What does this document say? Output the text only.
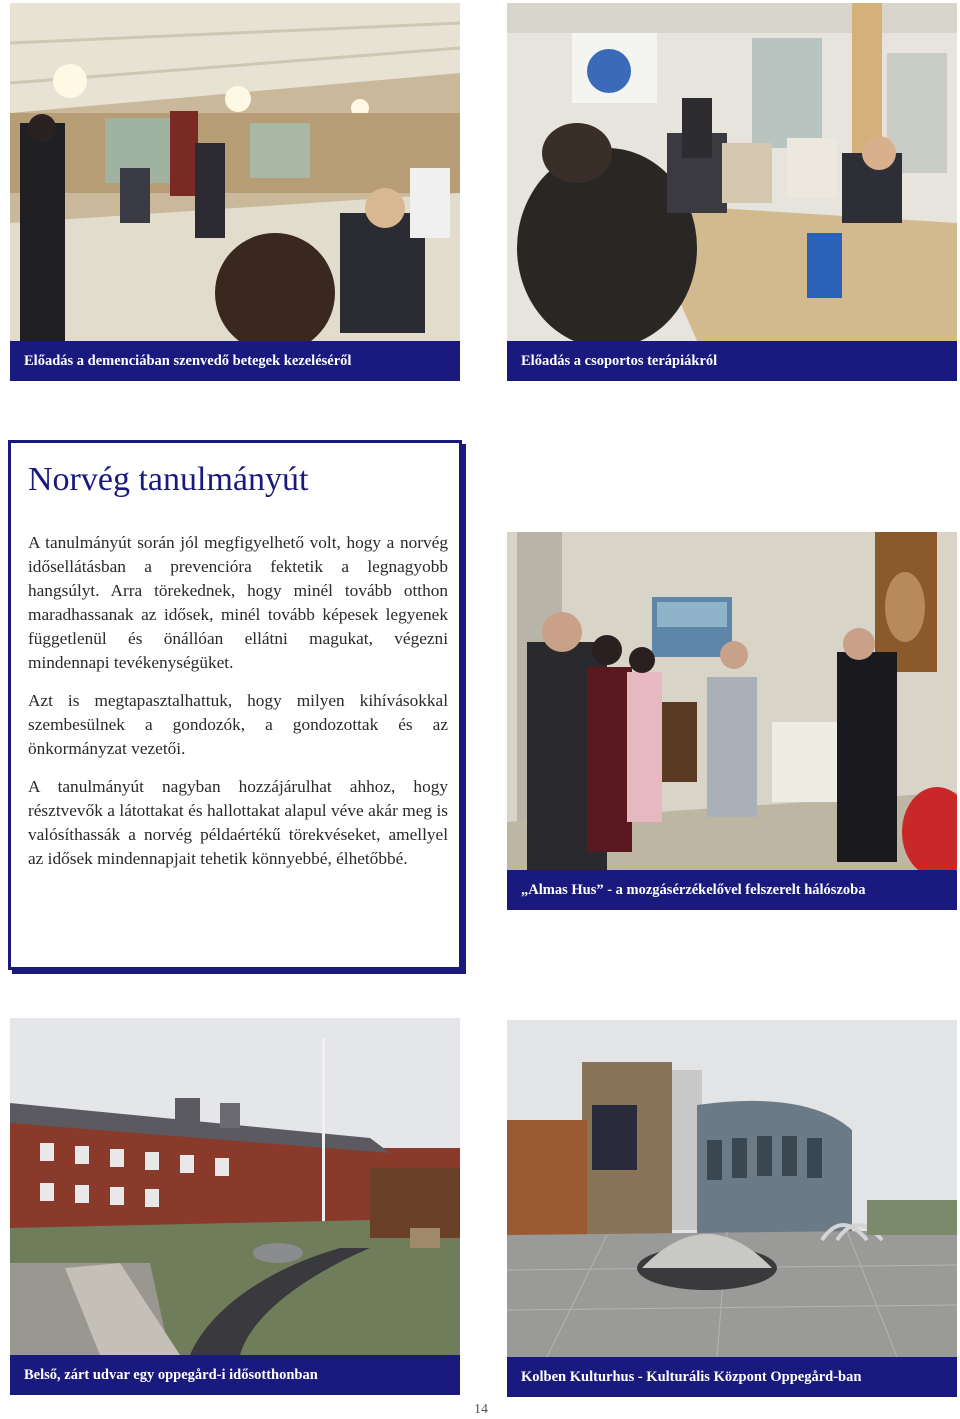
Előadás a demenciában szenvedő betegek kezeléséről	Előadás a csoportos terápiákról
Norvég tanulmányút

A tanulmányút során jól megfigyelhető volt, hogy a norvég idősellátásban a prevencióra fektetik a legnagyobb hangsúlyt. Arra törekednek, hogy minél tovább otthon maradhassanak az idősek, minél tovább képesek legyenek függetlenül és önállóan ellátni magukat, végezni mindennapi tevékenységüket.

Azt is megtapasztalhattuk, hogy milyen kihívásokkal szembesülnek a gondozók, a gondozottak és az önkormányzat vezetői.

A tanulmányút nagyban hozzájárulhat ahhoz, hogy résztvevők a látottakat és hallottakat alapul véve akár meg is valósíthassák a norvég példaértékű törekvéseket, amellyel az idősek mindennapjait tehetik könnyebbé, élhetőbbé.

„Almas Hus” - a mozgásérzékelővel felszerelt hálószoba
Belső, zárt udvar egy oppegård-i idősotthonban	Kolben Kulturhus - Kulturális Központ Oppegård-ban
14
